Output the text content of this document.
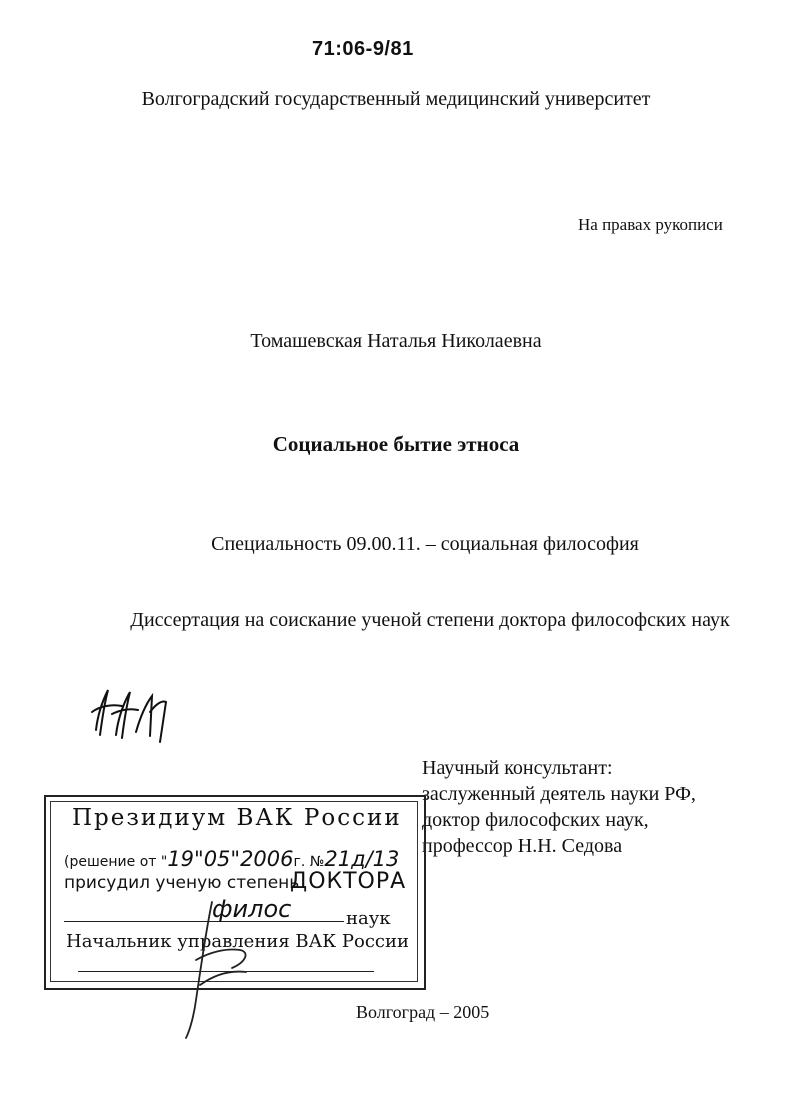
71:06-9/81
Волгоградский государственный медицинский университет
На правах рукописи
Томашевская Наталья Николаевна
Социальное бытие этноса
Специальность 09.00.11. – социальная философия
Диссертация на соискание ученой степени доктора философских наук
Научный консультант:
заслуженный деятель науки РФ,
доктор философских наук,
профессор Н.Н. Седова
Президиум ВАК России
(решение от "19"05"2006г. №21д/13
присудил ученую степень
ДОКТОРА
филос	наук
Начальник управления ВАК России
Волгоград – 2005
